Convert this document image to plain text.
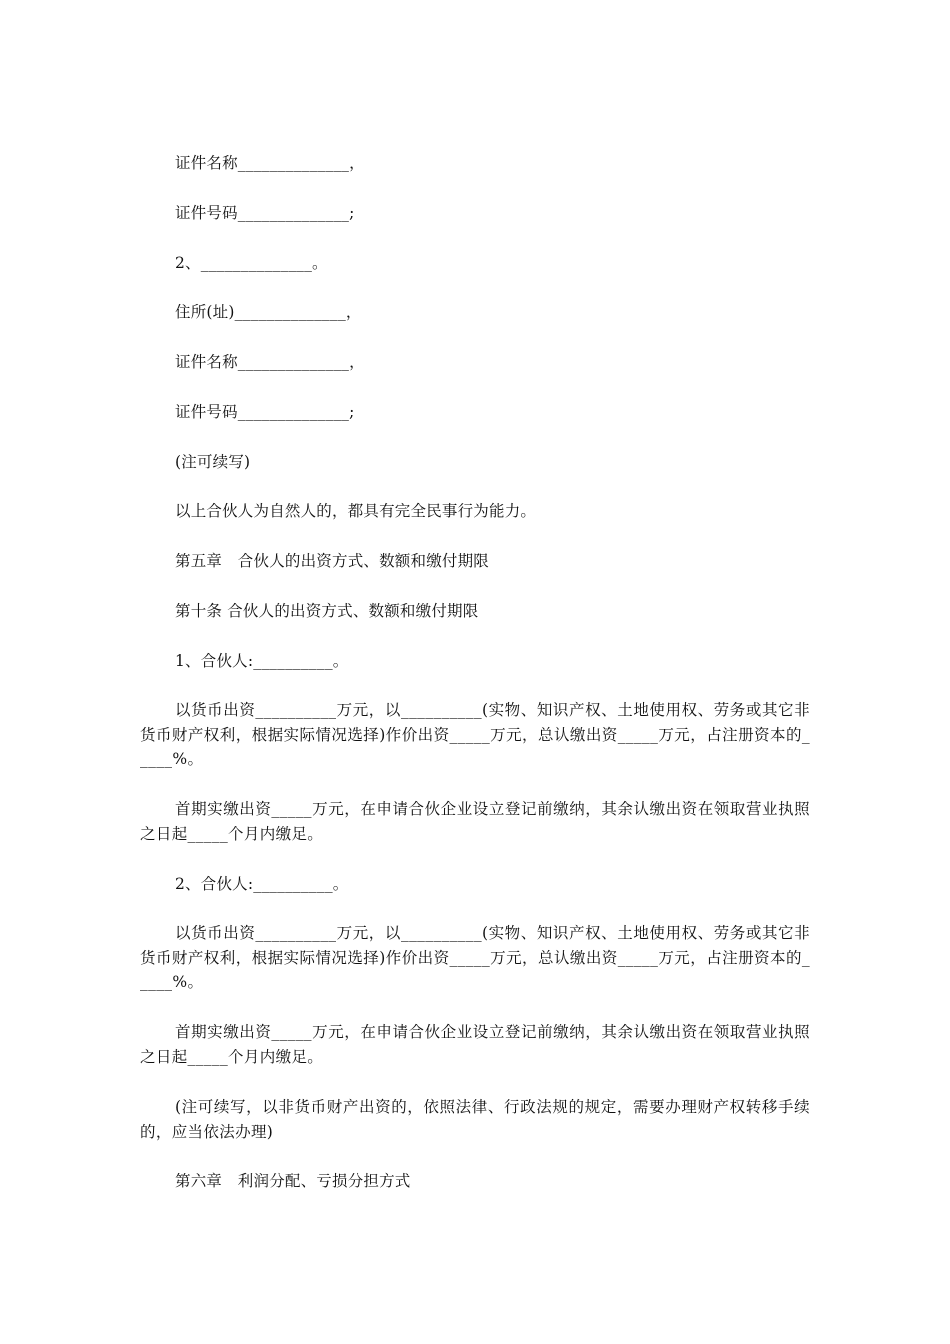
证件名称______________，
证件号码______________;
2、______________。
住所(址)______________，
证件名称______________，
证件号码______________;
(注可续写)
以上合伙人为自然人的，都具有完全民事行为能力。
第五章　合伙人的出资方式、数额和缴付期限
第十条 合伙人的出资方式、数额和缴付期限
1、合伙人:__________。
以货币出资__________万元，以__________(实物、知识产权、土地使用权、劳务或其它非货币财产权利，根据实际情况选择)作价出资_____万元，总认缴出资_____万元，占注册资本的_____%。
首期实缴出资_____万元，在申请合伙企业设立登记前缴纳，其余认缴出资在领取营业执照之日起_____个月内缴足。
2、合伙人:__________。
以货币出资__________万元，以__________(实物、知识产权、土地使用权、劳务或其它非货币财产权利，根据实际情况选择)作价出资_____万元，总认缴出资_____万元，占注册资本的_____%。
首期实缴出资_____万元，在申请合伙企业设立登记前缴纳，其余认缴出资在领取营业执照之日起_____个月内缴足。
(注可续写，以非货币财产出资的，依照法律、行政法规的规定，需要办理财产权转移手续的，应当依法办理)
第六章　利润分配、亏损分担方式
